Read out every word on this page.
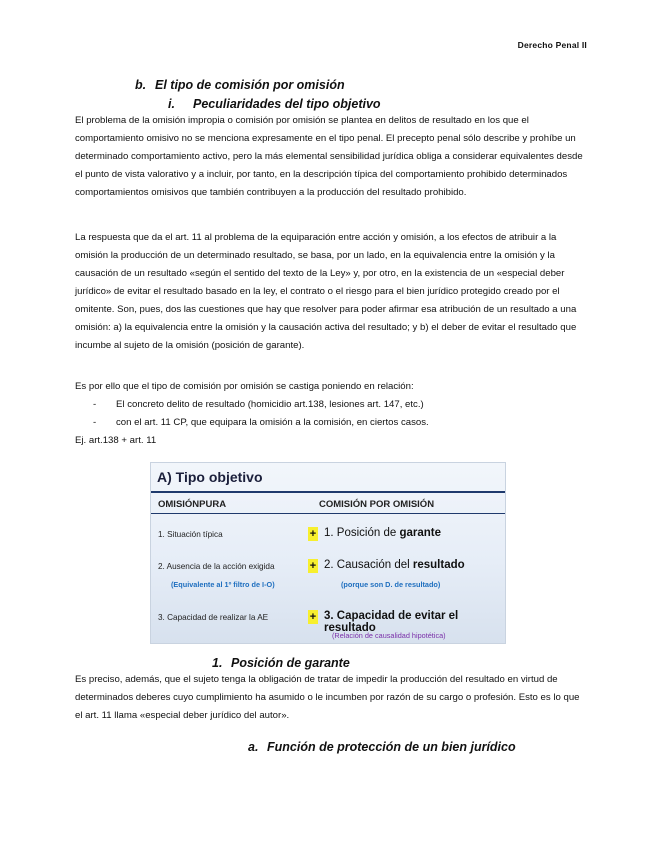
Derecho Penal II
b. El tipo de comisión por omisión
i. Peculiaridades del tipo objetivo

El problema de la omisión impropia o comisión por omisión se plantea en delitos de resultado en los que el comportamiento omisivo no se menciona expresamente en el tipo penal. El precepto penal sólo describe y prohíbe un determinado comportamiento activo, pero la más elemental sensibilidad jurídica obliga a considerar equivalentes desde el punto de vista valorativo y a incluir, por tanto, en la descripción típica del comportamiento prohibido determinados comportamientos omisivos que también contribuyen a la producción del resultado prohibido.

La respuesta que da el art. 11 al problema de la equiparación entre acción y omisión, a los efectos de atribuir a la omisión la producción de un determinado resultado, se basa, por un lado, en la equivalencia entre la omisión y la causación de un resultado «según el sentido del texto de la Ley» y, por otro, en la existencia de un «especial deber jurídico» de evitar el resultado basado en la ley, el contrato o el riesgo para el bien jurídico protegido creado por el omitente. Son, pues, dos las cuestiones que hay que resolver para poder afirmar esa atribución de un resultado a una omisión: a) la equivalencia entre la omisión y la causación activa del resultado; y b) el deber de evitar el resultado que incumbe al sujeto de la omisión (posición de garante).

Es por ello que el tipo de comisión por omisión se castiga poniendo en relación:

- El concreto delito de resultado (homicidio art.138, lesiones art. 147, etc.)
- con el art. 11 CP, que equipara la omisión a la comisión, en ciertos casos.
Ej. art.138 + art. 11
A) Tipo objetivo
OMISIÓNPURA	COMISIÓN POR OMISIÓN
1. Situación típica	+ 1. Posición de garante
2. Ausencia de la acción exigida	+ 2. Causación del resultado
(Equivalente al 1º filtro de I-O)	(porque son D. de resultado)
3. Capacidad de realizar la AE	+ 3. Capacidad de evitar el resultado
(Relación de causalidad hipotética)
1. Posición de garante

Es preciso, además, que el sujeto tenga la obligación de tratar de impedir la producción del resultado en virtud de determinados deberes cuyo cumplimiento ha asumido o le incumben por razón de su cargo o profesión. Esto es lo que el art. 11 llama «especial deber jurídico del autor».

a. Función de protección de un bien jurídico
